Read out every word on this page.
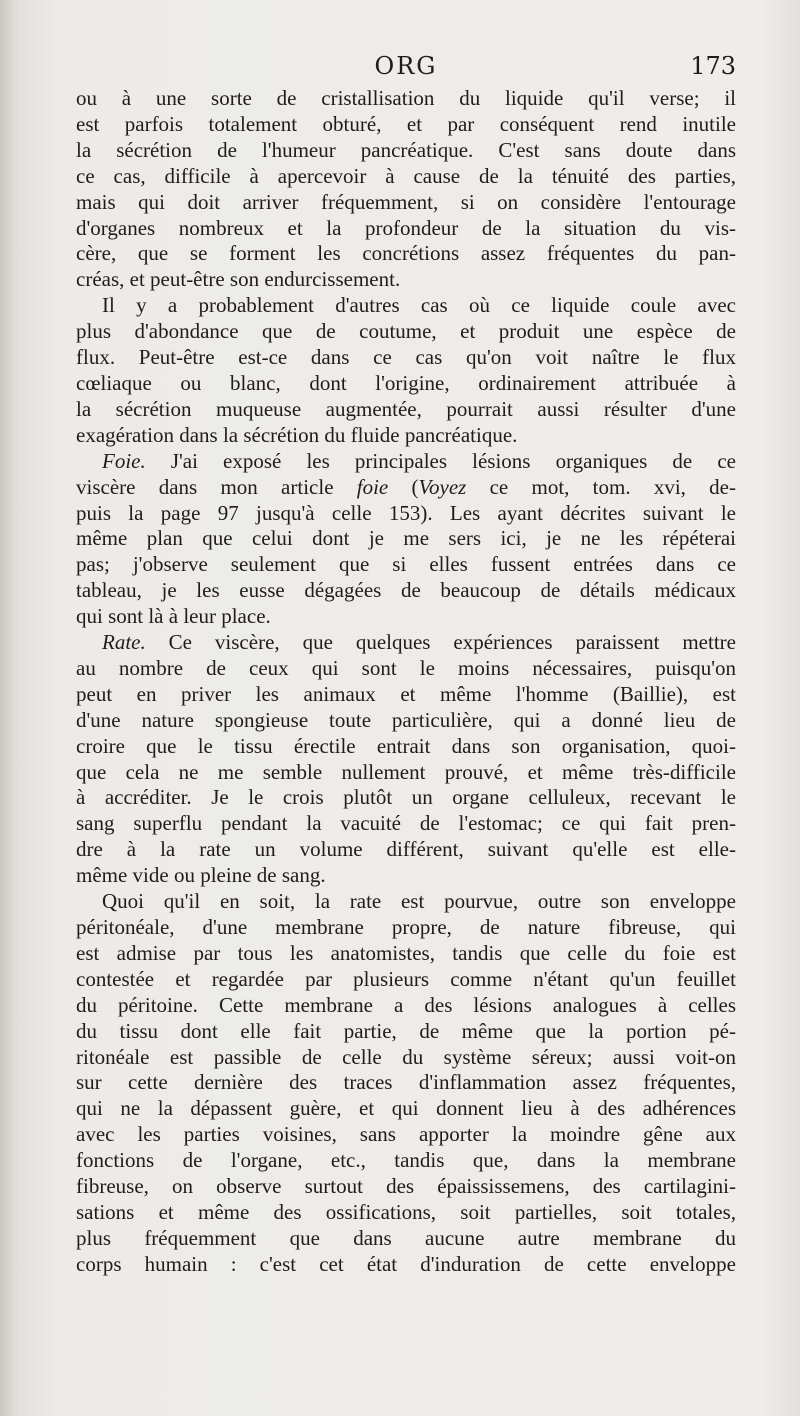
ORG	173
ou à une sorte de cristallisation du liquide qu'il verse; il
est parfois totalement obturé, et par conséquent rend inutile
la sécrétion de l'humeur pancréatique. C'est sans doute dans
ce cas, difficile à apercevoir à cause de la ténuité des parties,
mais qui doit arriver fréquemment, si on considère l'entourage
d'organes nombreux et la profondeur de la situation du vis-
cère, que se forment les concrétions assez fréquentes du pan-
créas, et peut-être son endurcissement.
Il y a probablement d'autres cas où ce liquide coule avec
plus d'abondance que de coutume, et produit une espèce de
flux. Peut-être est-ce dans ce cas qu'on voit naître le flux
cœliaque ou blanc, dont l'origine, ordinairement attribuée à
la sécrétion muqueuse augmentée, pourrait aussi résulter d'une
exagération dans la sécrétion du fluide pancréatique.
Foie. J'ai exposé les principales lésions organiques de ce
viscère dans mon article foie (Voyez ce mot, tom. xvi, de-
puis la page 97 jusqu'à celle 153). Les ayant décrites suivant le
même plan que celui dont je me sers ici, je ne les répéterai
pas; j'observe seulement que si elles fussent entrées dans ce
tableau, je les eusse dégagées de beaucoup de détails médicaux
qui sont là à leur place.
Rate. Ce viscère, que quelques expériences paraissent mettre
au nombre de ceux qui sont le moins nécessaires, puisqu'on
peut en priver les animaux et même l'homme (Baillie), est
d'une nature spongieuse toute particulière, qui a donné lieu de
croire que le tissu érectile entrait dans son organisation, quoi-
que cela ne me semble nullement prouvé, et même très-difficile
à accréditer. Je le crois plutôt un organe celluleux, recevant le
sang superflu pendant la vacuité de l'estomac; ce qui fait pren-
dre à la rate un volume différent, suivant qu'elle est elle-
même vide ou pleine de sang.
Quoi qu'il en soit, la rate est pourvue, outre son enveloppe
péritonéale, d'une membrane propre, de nature fibreuse, qui
est admise par tous les anatomistes, tandis que celle du foie est
contestée et regardée par plusieurs comme n'étant qu'un feuillet
du péritoine. Cette membrane a des lésions analogues à celles
du tissu dont elle fait partie, de même que la portion pé-
ritonéale est passible de celle du système séreux; aussi voit-on
sur cette dernière des traces d'inflammation assez fréquentes,
qui ne la dépassent guère, et qui donnent lieu à des adhérences
avec les parties voisines, sans apporter la moindre gêne aux
fonctions de l'organe, etc., tandis que, dans la membrane
fibreuse, on observe surtout des épaississemens, des cartilagini-
sations et même des ossifications, soit partielles, soit totales,
plus fréquemment que dans aucune autre membrane du
corps humain : c'est cet état d'induration de cette enveloppe
